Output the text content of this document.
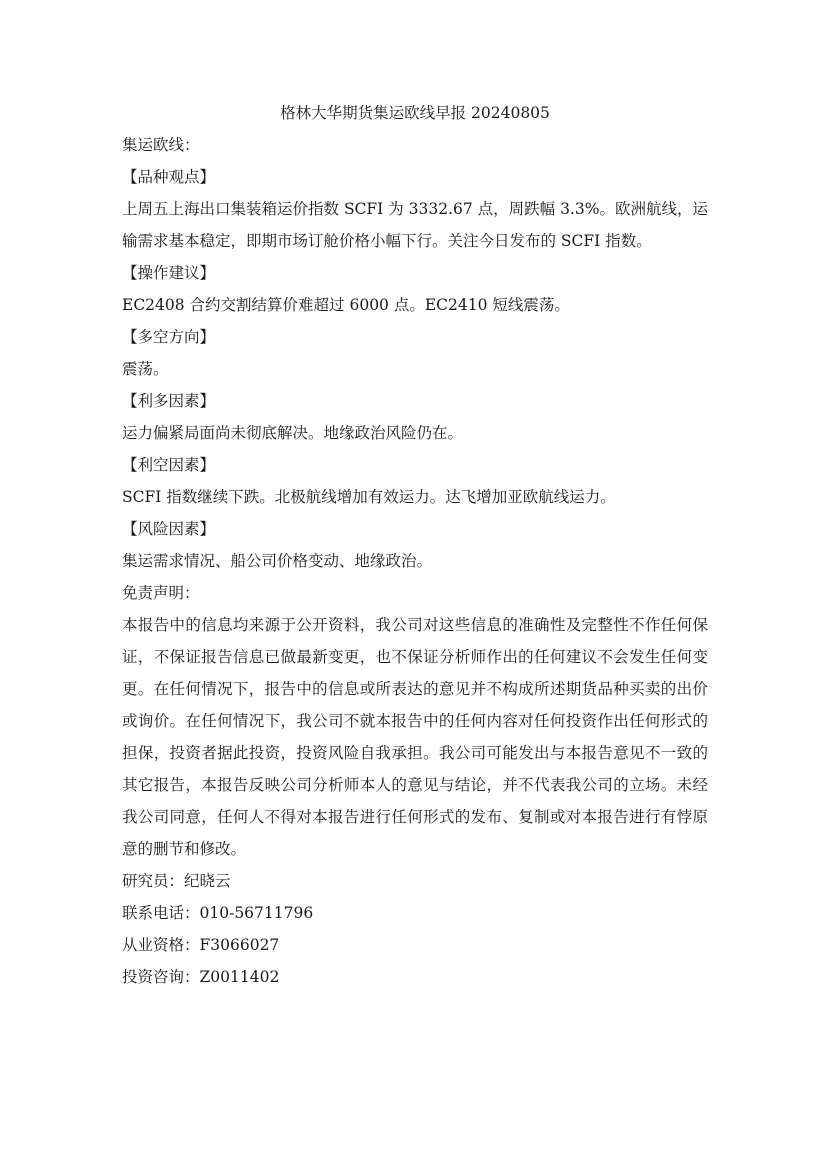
格林大华期货集运欧线早报 20240805
集运欧线：
【品种观点】
上周五上海出口集装箱运价指数 SCFI 为 3332.67 点，周跌幅 3.3%。欧洲航线，运输需求基本稳定，即期市场订舱价格小幅下行。关注今日发布的 SCFI 指数。
【操作建议】
EC2408 合约交割结算价难超过 6000 点。EC2410 短线震荡。
【多空方向】
震荡。
【利多因素】
运力偏紧局面尚未彻底解决。地缘政治风险仍在。
【利空因素】
SCFI 指数继续下跌。北极航线增加有效运力。达飞增加亚欧航线运力。
【风险因素】
集运需求情况、船公司价格变动、地缘政治。
免责声明：
本报告中的信息均来源于公开资料，我公司对这些信息的准确性及完整性不作任何保证，不保证报告信息已做最新变更，也不保证分析师作出的任何建议不会发生任何变更。在任何情况下，报告中的信息或所表达的意见并不构成所述期货品种买卖的出价或询价。在任何情况下，我公司不就本报告中的任何内容对任何投资作出任何形式的担保，投资者据此投资，投资风险自我承担。我公司可能发出与本报告意见不一致的其它报告，本报告反映公司分析师本人的意见与结论，并不代表我公司的立场。未经我公司同意，任何人不得对本报告进行任何形式的发布、复制或对本报告进行有悖原意的删节和修改。
研究员：纪晓云
联系电话：010-56711796
从业资格：F3066027
投资咨询：Z0011402
